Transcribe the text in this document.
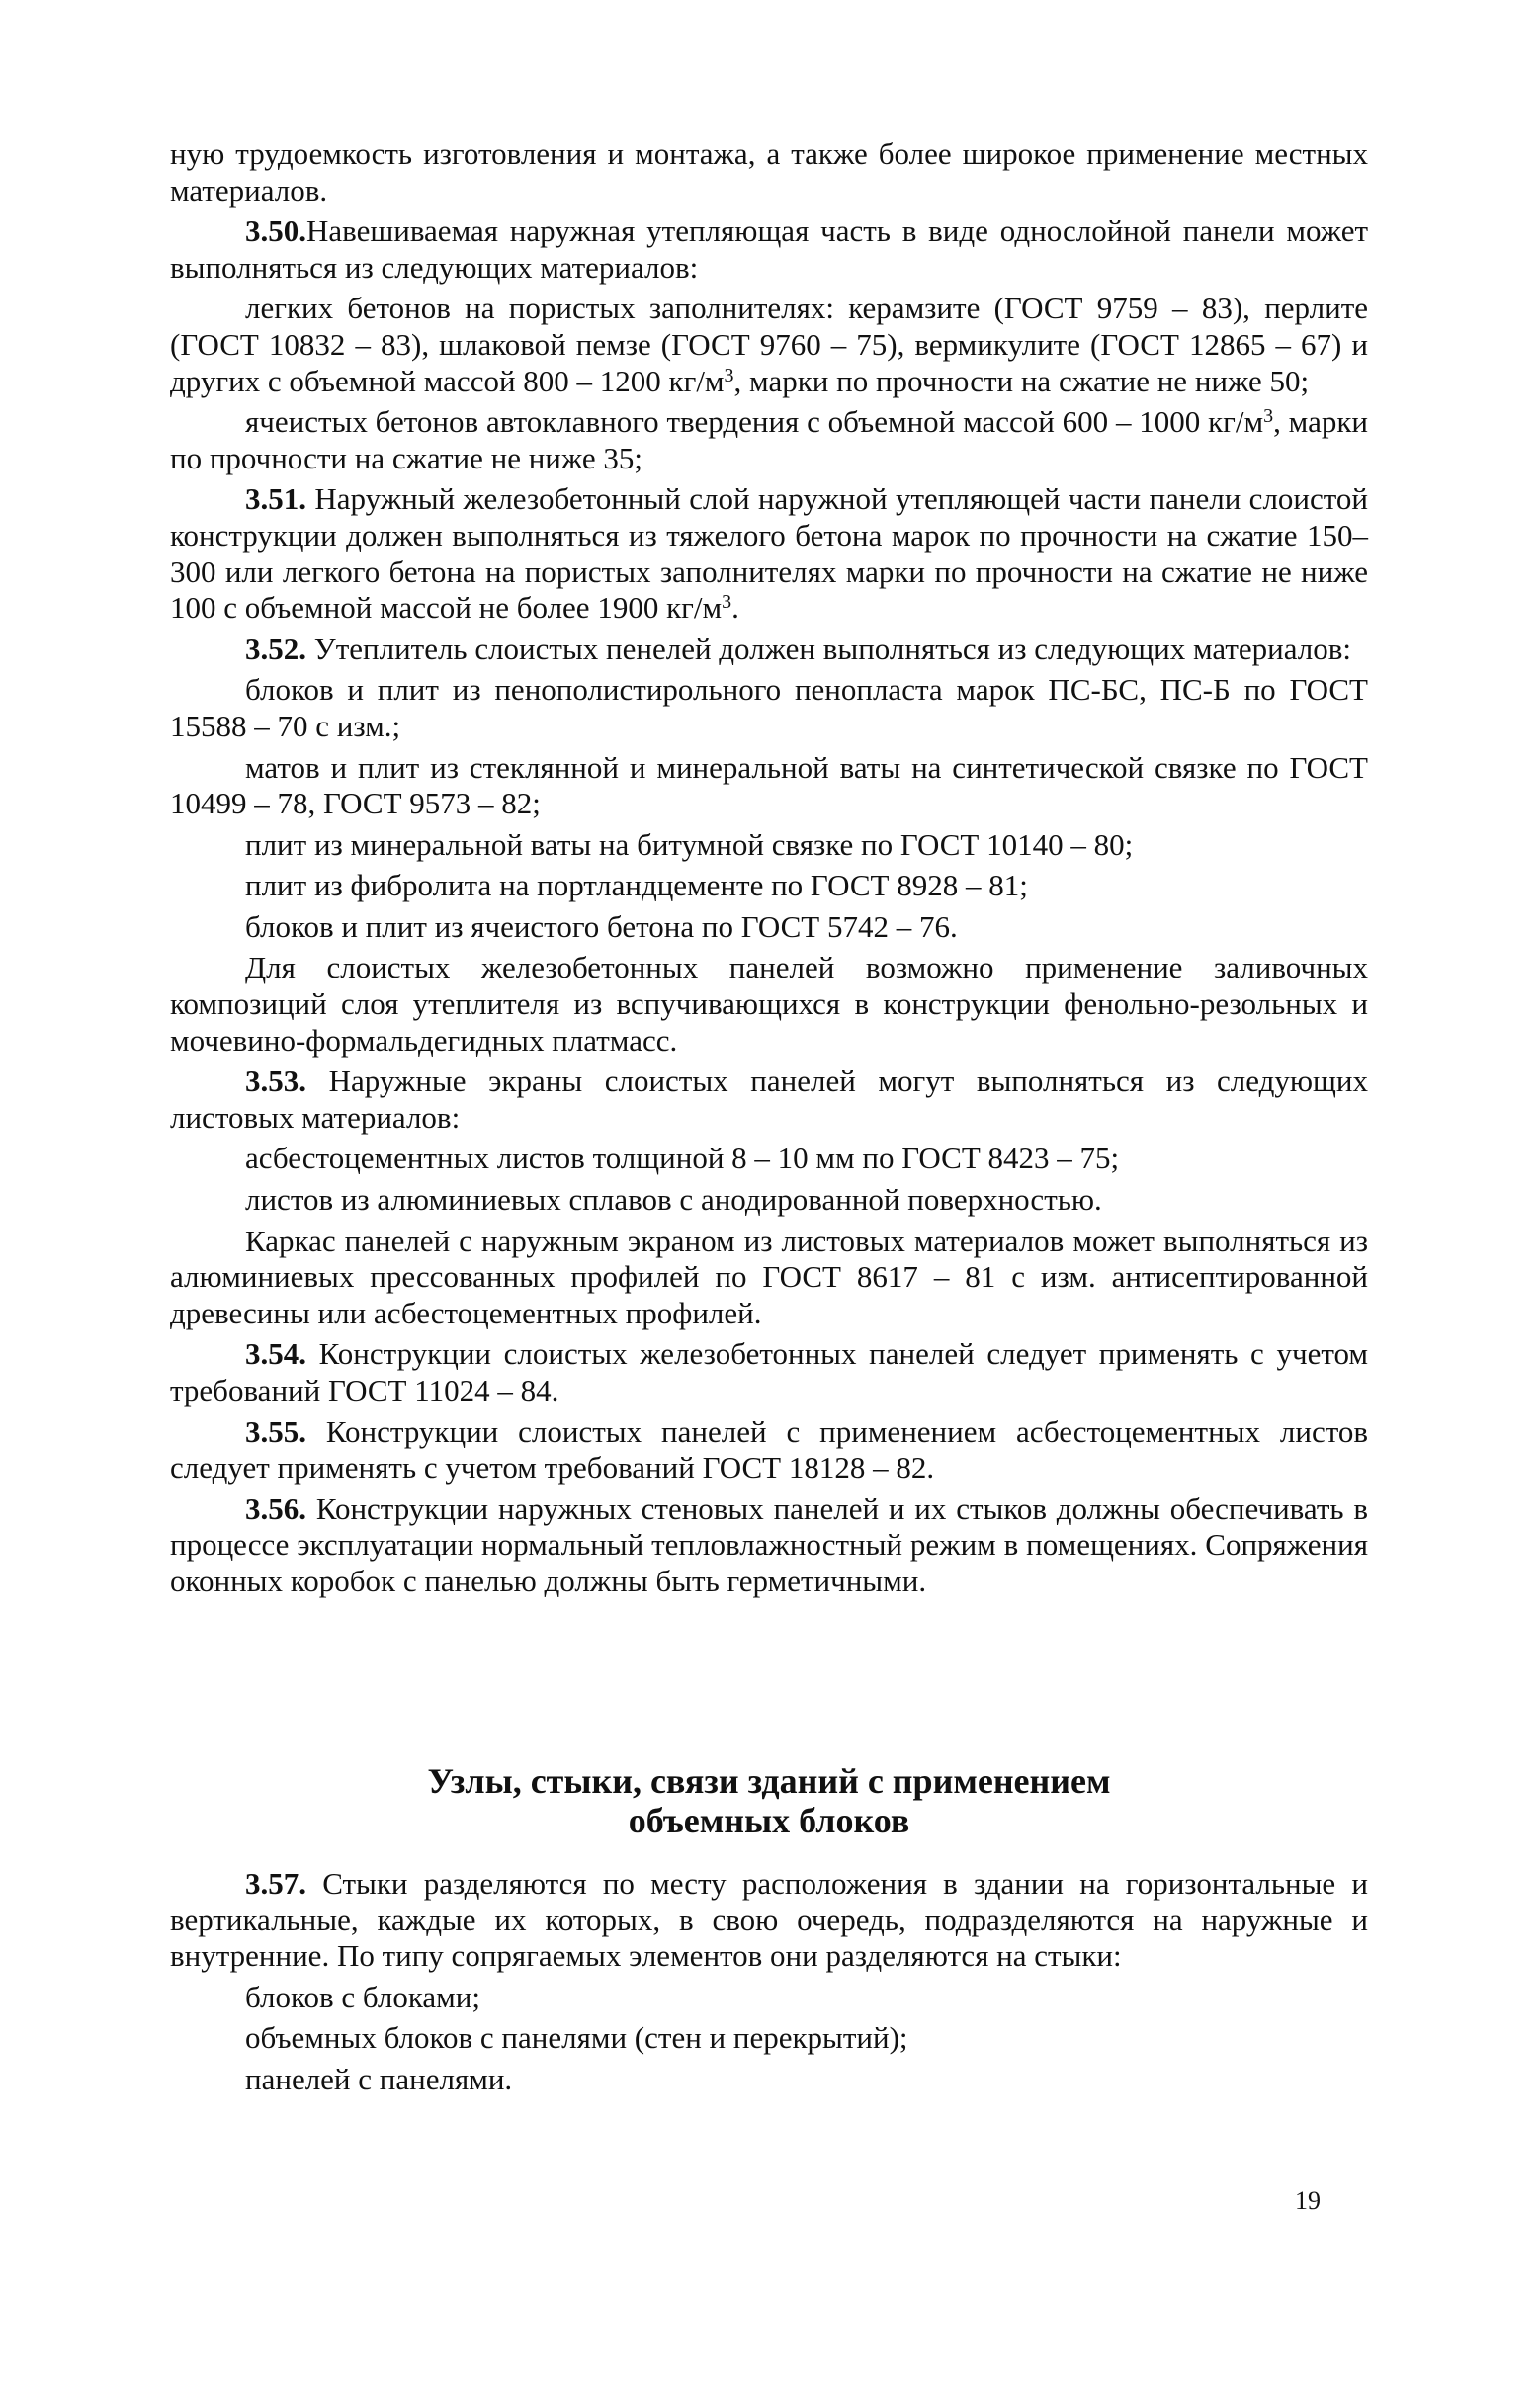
ную трудоемкость изготовления и монтажа, а также более широкое применение местных материалов.

3.50.Навешиваемая наружная утепляющая часть в виде однослойной панели может выполняться из следующих материалов:

легких бетонов на пористых заполнителях: керамзите (ГОСТ 9759 – 83), перлите (ГОСТ 10832 – 83), шлаковой пемзе (ГОСТ 9760 – 75), вермикулите (ГОСТ 12865 – 67) и других с объемной массой 800 – 1200 $кг/м^3$, марки по прочности на сжатие не ниже 50;

ячеистых бетонов автоклавного твердения с объемной массой 600 – 1000 $кг/м^3$, марки по прочности на сжатие не ниже 35;

3.51. Наружный железобетонный слой наружной утепляющей части панели слоистой конструкции должен выполняться из тяжелого бетона марок по прочности на сжатие 150–300 или легкого бетона на пористых заполнителях марки по прочности на сжатие не ниже 100 с объемной массой не более 1900 $кг/м^3$.

3.52. Утеплитель слоистых пенелей должен выполняться из следующих материалов:

блоков и плит из пенополистирольного пенопласта марок ПС-БС, ПС-Б по ГОСТ 15588 – 70 с изм.;

матов и плит из стеклянной и минеральной ваты на синтетической связке по ГОСТ 10499 – 78, ГОСТ 9573 – 82;

плит из минеральной ваты на битумной связке по ГОСТ 10140 – 80;

плит из фибролита на портландцементе по ГОСТ 8928 – 81;

блоков и плит из ячеистого бетона по ГОСТ 5742 – 76.

Для слоистых железобетонных панелей возможно применение заливочных композиций слоя утеплителя из вспучивающихся в конструкции фенольно-резольных и мочевино-формальдегидных платмасс.

3.53. Наружные экраны слоистых панелей могут выполняться из следующих листовых материалов:

асбестоцементных листов толщиной 8 – 10 мм по ГОСТ 8423 – 75;

листов из алюминиевых сплавов с анодированной поверхностью.

Каркас панелей с наружным экраном из листовых материалов может выполняться из алюминиевых прессованных профилей по ГОСТ 8617 – 81 с изм. антисептированной древесины или асбестоцементных профилей.

3.54. Конструкции слоистых железобетонных панелей следует применять с учетом требований ГОСТ 11024 – 84.

3.55. Конструкции слоистых панелей с применением асбестоцементных листов следует применять с учетом требований ГОСТ 18128 – 82.

3.56. Конструкции наружных стеновых панелей и их стыков должны обеспечивать в процессе эксплуатации нормальный тепловлажностный режим в помещениях. Сопряжения оконных коробок с панелью должны быть герметичными.

Узлы, стыки, связи зданий с применением
объемных блоков

3.57. Стыки разделяются по месту расположения в здании на горизонтальные и вертикальные, каждые их которых, в свою очередь, подразделяются на наружные и внутренние. По типу сопрягаемых элементов они разделяются на стыки:

блоков с блоками;

объемных блоков с панелями (стен и перекрытий);

панелей с панелями.

19
